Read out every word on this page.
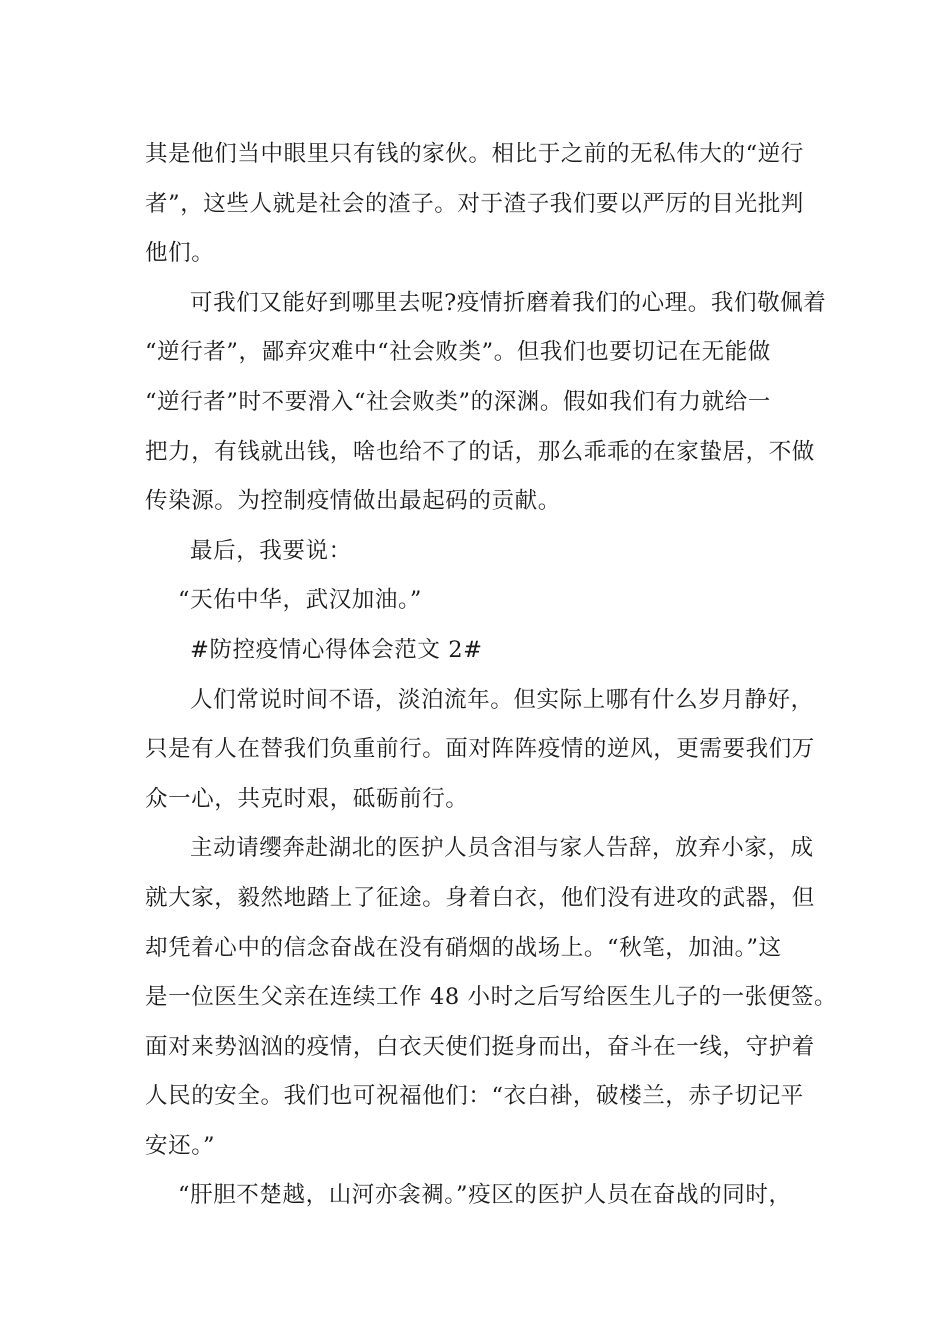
其是他们当中眼里只有钱的家伙。相比于之前的无私伟大的“逆行
者”，这些人就是社会的渣子。对于渣子我们要以严厉的目光批判
他们。
可我们又能好到哪里去呢?疫情折磨着我们的心理。我们敬佩着
“逆行者”，鄙弃灾难中“社会败类”。但我们也要切记在无能做
“逆行者”时不要滑入“社会败类”的深渊。假如我们有力就给一
把力，有钱就出钱，啥也给不了的话，那么乖乖的在家蛰居，不做
传染源。为控制疫情做出最起码的贡献。
最后，我要说：
“天佑中华，武汉加油。”
#防控疫情心得体会范文 2#
人们常说时间不语，淡泊流年。但实际上哪有什么岁月静好，
只是有人在替我们负重前行。面对阵阵疫情的逆风，更需要我们万
众一心，共克时艰，砥砺前行。
主动请缨奔赴湖北的医护人员含泪与家人告辞，放弃小家，成
就大家，毅然地踏上了征途。身着白衣，他们没有进攻的武器，但
却凭着心中的信念奋战在没有硝烟的战场上。“秋笔，加油。”这
是一位医生父亲在连续工作 48 小时之后写给医生儿子的一张便签。
面对来势汹汹的疫情，白衣天使们挺身而出，奋斗在一线，守护着
人民的安全。我们也可祝福他们：“衣白褂，破楼兰，赤子切记平
安还。”
“肝胆不楚越，山河亦衾裯。”疫区的医护人员在奋战的同时，
